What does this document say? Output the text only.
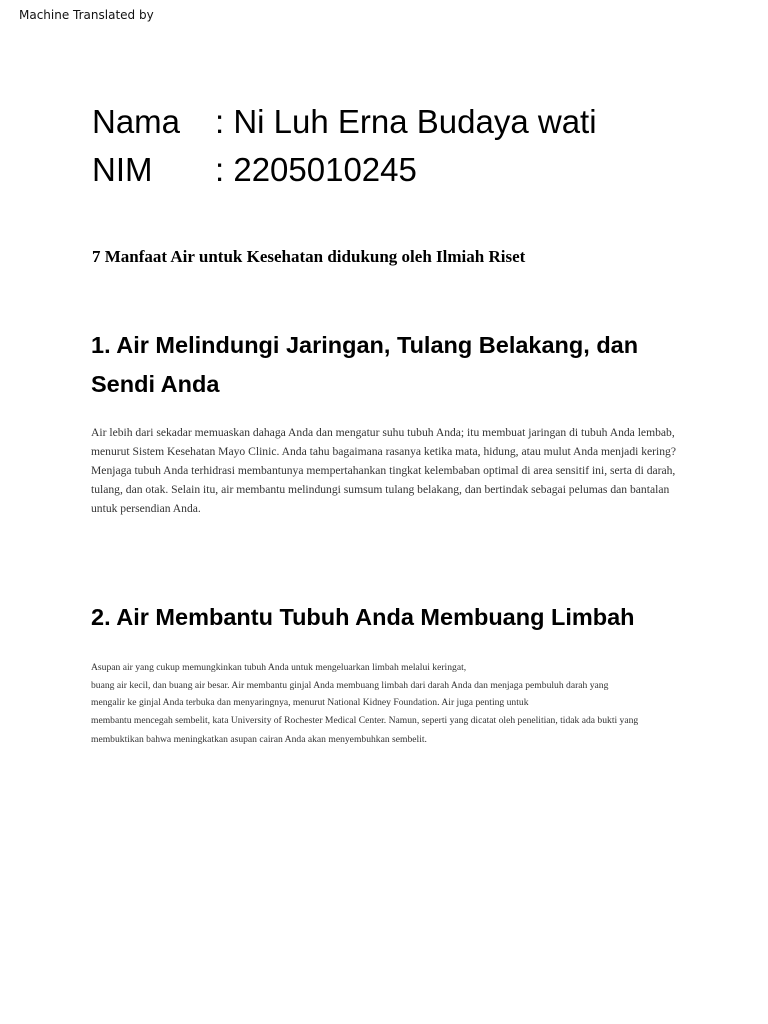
Machine Translated by
Nama	: Ni Luh Erna Budaya wati
NIM	: 2205010245
7 Manfaat Air untuk Kesehatan didukung oleh Ilmiah Riset
1. Air Melindungi Jaringan, Tulang Belakang, dan Sendi Anda
Air lebih dari sekadar memuaskan dahaga Anda dan mengatur suhu tubuh Anda; itu membuat jaringan di tubuh Anda lembab, menurut Sistem Kesehatan Mayo Clinic. Anda tahu bagaimana rasanya ketika mata, hidung, atau mulut Anda menjadi kering? Menjaga tubuh Anda terhidrasi membantunya mempertahankan tingkat kelembaban optimal di area sensitif ini, serta di darah, tulang, dan otak. Selain itu, air membantu melindungi sumsum tulang belakang, dan bertindak sebagai pelumas dan bantalan untuk persendian Anda.
2. Air Membantu Tubuh Anda Membuang Limbah
Asupan air yang cukup memungkinkan tubuh Anda untuk mengeluarkan limbah melalui keringat,
buang air kecil, dan buang air besar. Air membantu ginjal Anda membuang limbah dari darah Anda dan menjaga pembuluh darah yang
mengalir ke ginjal Anda terbuka dan menyaringnya, menurut National Kidney Foundation. Air juga penting untuk
membantu mencegah sembelit, kata University of Rochester Medical Center. Namun, seperti yang dicatat oleh penelitian, tidak ada bukti yang
membuktikan bahwa meningkatkan asupan cairan Anda akan menyembuhkan sembelit.
